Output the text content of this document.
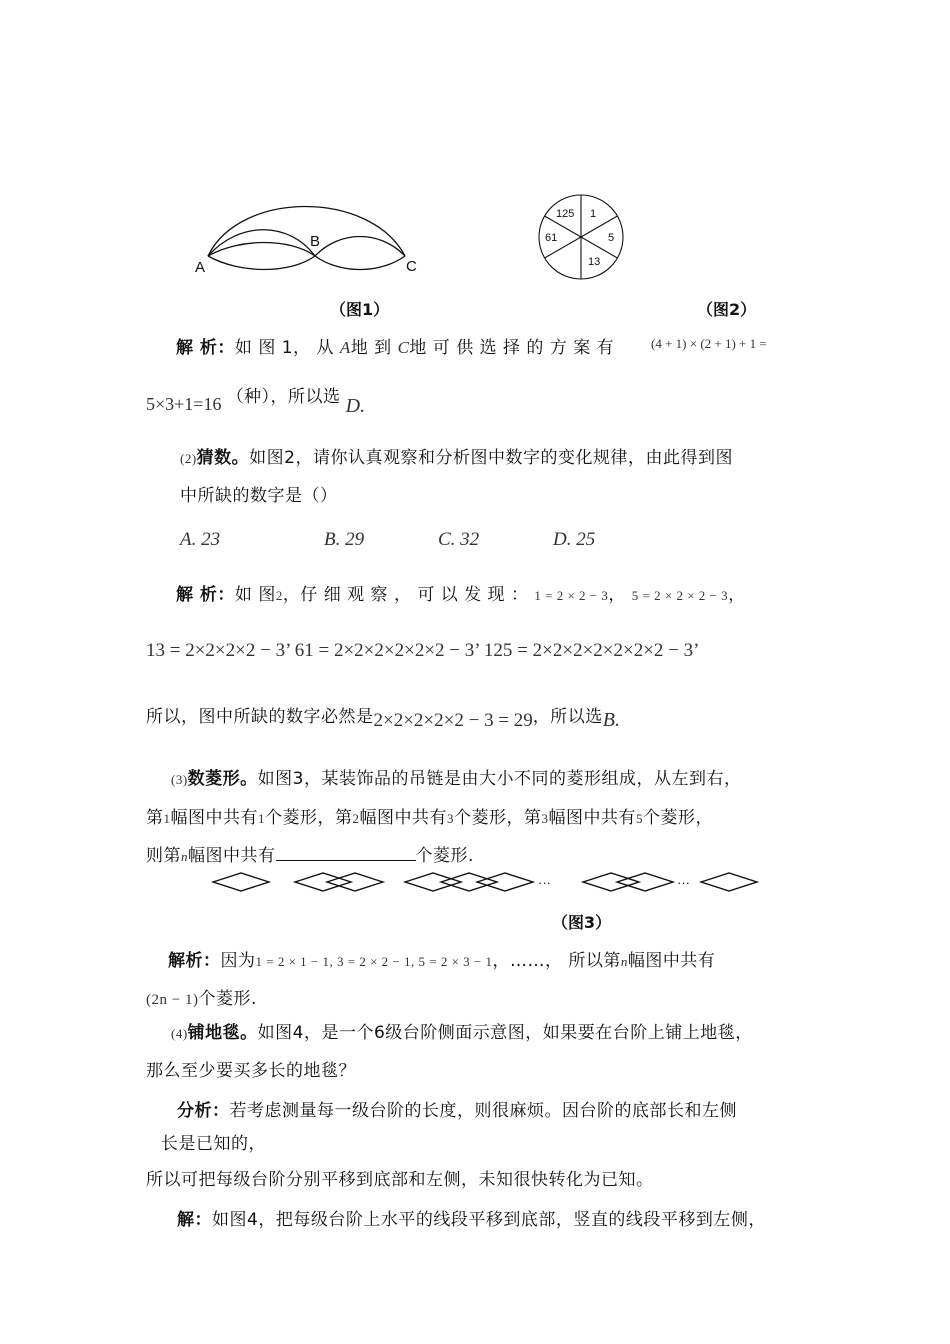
A
B
C
125 1
61	5
13
（图1）	（图2）
解 析：如 图 1， 从 A地 到 C地 可 供 选 择 的 方 案 有	(4 + 1) × (2 + 1) + 1 =
5×3+1=16 （种），所以选 D.
(2)猜数。如图2，请你认真观察和分析图中数字的变化规律，由此得到图
中所缺的数字是（）
A. 23	B. 29	C. 32	D. 25
解 析：如 图2，仔 细 观 察 ， 可 以 发 现 ： 1 = 2 × 2 − 3， 5 = 2 × 2 × 2 − 3，
13 = 2×2×2×2 − 3’ 61 = 2×2×2×2×2×2 − 3’ 125 = 2×2×2×2×2×2×2 − 3’
所以，图中所缺的数字必然是2×2×2×2×2 − 3 = 29，所以选B.
(3)数菱形。如图3，某装饰品的吊链是由大小不同的菱形组成，从左到右，
第1幅图中共有1个菱形，第2幅图中共有3个菱形，第3幅图中共有5个菱形，
则第n幅图中共有	个菱形.
···	···
（图3）
解析：因为1 = 2 × 1 − 1, 3 = 2 × 2 − 1, 5 = 2 × 3 − 1，……， 所以第n幅图中共有
(2n − 1)个菱形.
(4)铺地毯。如图4，是一个6级台阶侧面示意图，如果要在台阶上铺上地毯，
那么至少要买多长的地毯？
分析：若考虑测量每一级台阶的长度，则很麻烦。因台阶的底部长和左侧
长是已知的，
所以可把每级台阶分别平移到底部和左侧，未知很快转化为已知。
解：如图4，把每级台阶上水平的线段平移到底部，竖直的线段平移到左侧，
